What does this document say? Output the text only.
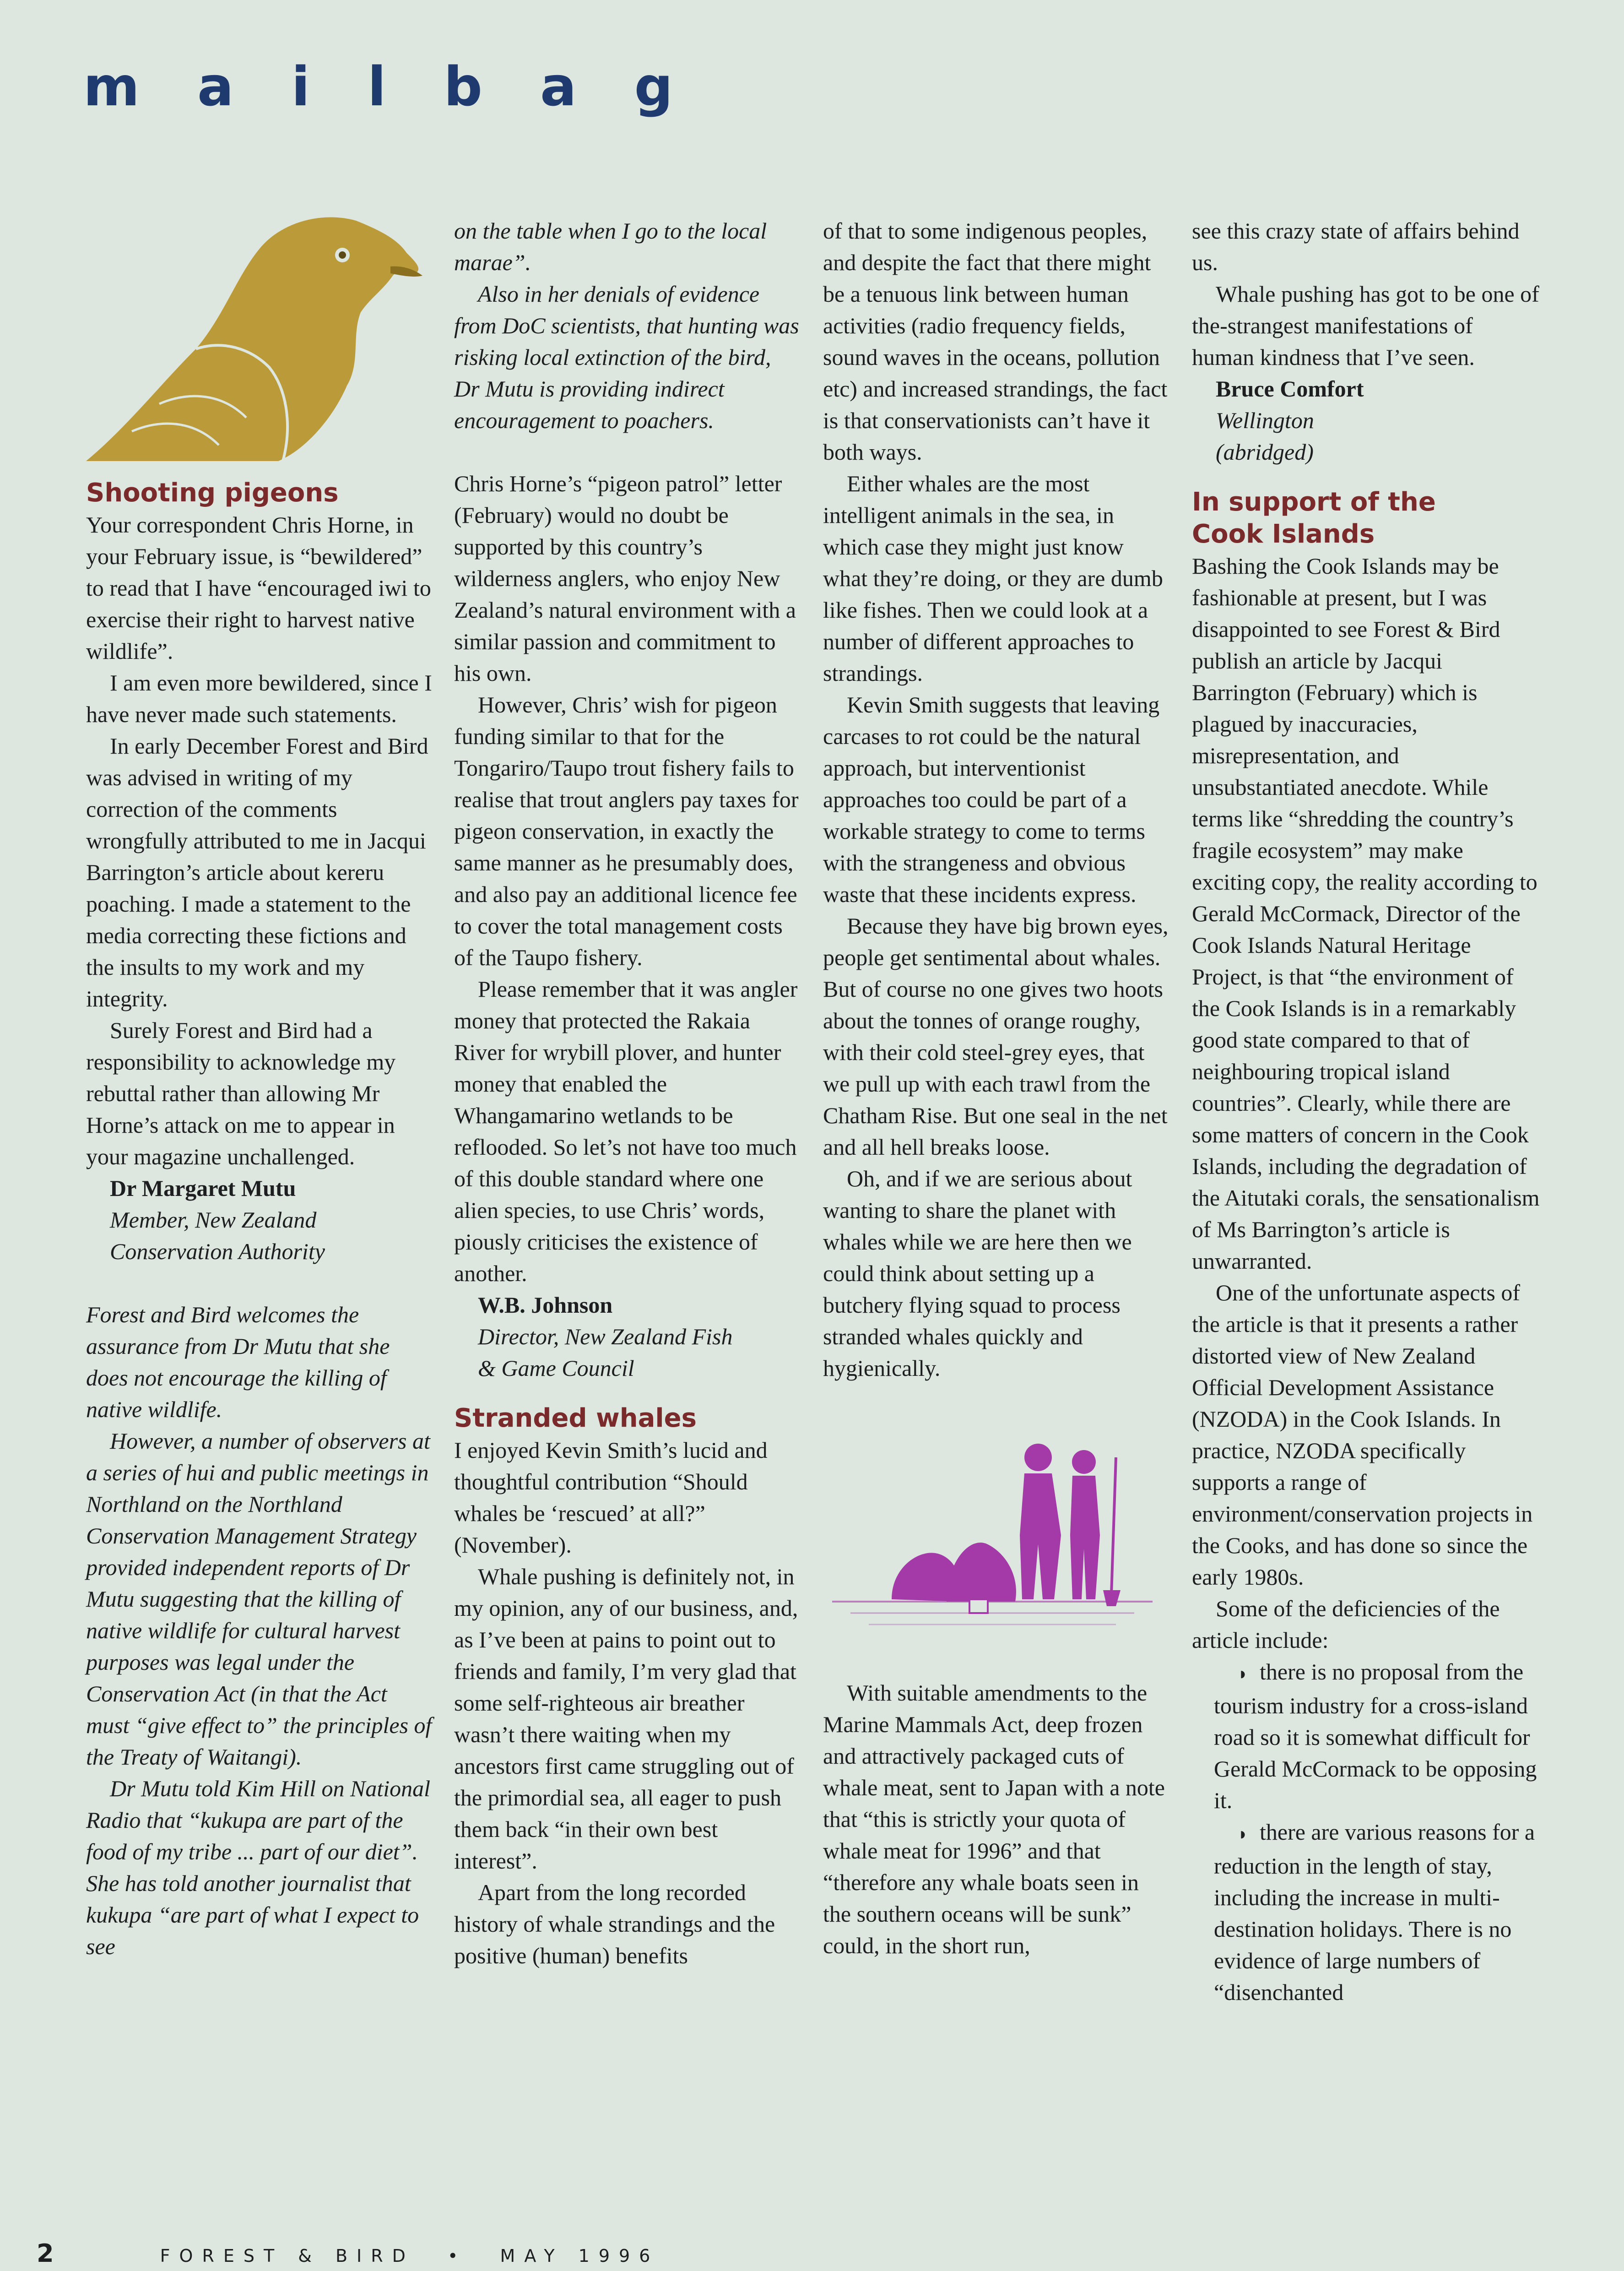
mailbag
Shooting pigeons

Your correspondent Chris Horne, in your February issue, is “bewildered” to read that I have “encouraged iwi to exercise their right to harvest native wildlife”.

I am even more bewildered, since I have never made such statements.

In early December Forest and Bird was advised in writing of my correction of the comments wrongfully attributed to me in Jacqui Barrington’s article about kereru poaching. I made a statement to the media correcting these fictions and the insults to my work and my integrity.

Surely Forest and Bird had a responsibility to acknowledge my rebuttal rather than allowing Mr Horne’s attack on me to appear in your magazine unchallenged.

Dr Margaret Mutu
Member, New Zealand
Conservation Authority

Forest and Bird welcomes the assurance from Dr Mutu that she does not encourage the killing of native wildlife.

However, a number of observers at a series of hui and public meetings in Northland on the Northland Conservation Management Strategy provided independent reports of Dr Mutu suggesting that the killing of native wildlife for cultural harvest purposes was legal under the Conservation Act (in that the Act must “give effect to” the principles of the Treaty of Waitangi).

Dr Mutu told Kim Hill on National Radio that “kukupa are part of the food of my tribe ... part of our diet”. She has told another journalist that kukupa “are part of what I expect to see

on the table when I go to the local marae”.

Also in her denials of evidence from DoC scientists, that hunting was risking local extinction of the bird, Dr Mutu is providing indirect encouragement to poachers.

Chris Horne’s “pigeon patrol” letter (February) would no doubt be supported by this country’s wilderness anglers, who enjoy New Zealand’s natural environment with a similar passion and commitment to his own.

However, Chris’ wish for pigeon funding similar to that for the Tongariro/Taupo trout fishery fails to realise that trout anglers pay taxes for pigeon conservation, in exactly the same manner as he presumably does, and also pay an additional licence fee to cover the total management costs of the Taupo fishery.

Please remember that it was angler money that protected the Rakaia River for wrybill plover, and hunter money that enabled the Whangamarino wetlands to be reflooded. So let’s not have too much of this double standard where one alien species, to use Chris’ words, piously criticises the existence of another.

W.B. Johnson
Director, New Zealand Fish
& Game Council
Stranded whales

I enjoyed Kevin Smith’s lucid and thoughtful contribution “Should whales be ‘rescued’ at all?” (November).

Whale pushing is definitely not, in my opinion, any of our business, and, as I’ve been at pains to point out to friends and family, I’m very glad that some self-righteous air breather wasn’t there waiting when my ancestors first came struggling out of the primordial sea, all eager to push them back “in their own best interest”.

Apart from the long recorded history of whale strandings and the positive (human) benefits

of that to some indigenous peoples, and despite the fact that there might be a tenuous link between human activities (radio frequency fields, sound waves in the oceans, pollution etc) and increased strandings, the fact is that conservationists can’t have it both ways.

Either whales are the most intelligent animals in the sea, in which case they might just know what they’re doing, or they are dumb like fishes. Then we could look at a number of different approaches to strandings.

Kevin Smith suggests that leaving carcases to rot could be the natural approach, but interventionist approaches too could be part of a workable strategy to come to terms with the strangeness and obvious waste that these incidents express.

Because they have big brown eyes, people get sentimental about whales. But of course no one gives two hoots about the tonnes of orange roughy, with their cold steel-grey eyes, that we pull up with each trawl from the Chatham Rise. But one seal in the net and all hell breaks loose.

Oh, and if we are serious about wanting to share the planet with whales while we are here then we could think about setting up a butchery flying squad to process stranded whales quickly and hygienically.

With suitable amendments to the Marine Mammals Act, deep frozen and attractively packaged cuts of whale meat, sent to Japan with a note that “this is strictly your quota of whale meat for 1996” and that “therefore any whale boats seen in the southern oceans will be sunk” could, in the short run,

see this crazy state of affairs behind us.

Whale pushing has got to be one of the-strangest manifestations of human kindness that I’ve seen.

Bruce Comfort
Wellington
(abridged)
In support of the
Cook Islands

Bashing the Cook Islands may be fashionable at present, but I was disappointed to see Forest & Bird publish an article by Jacqui Barrington (February) which is plagued by inaccuracies, misrepresentation, and unsubstantiated anecdote. While terms like “shredding the country’s fragile ecosystem” may make exciting copy, the reality according to Gerald McCormack, Director of the Cook Islands Natural Heritage Project, is that “the environment of the Cook Islands is in a remarkably good state compared to that of neighbouring tropical island countries”. Clearly, while there are some matters of concern in the Cook Islands, including the degradation of the Aitutaki corals, the sensationalism of Ms Barrington’s article is unwarranted.

One of the unfortunate aspects of the article is that it presents a rather distorted view of New Zealand Official Development Assistance (NZODA) in the Cook Islands. In practice, NZODA specifically supports a range of environment/conservation projects in the Cooks, and has done so since the early 1980s.

Some of the deficiencies of the article include:

◗ there is no proposal from the tourism industry for a cross-island road so it is somewhat difficult for Gerald McCormack to be opposing it.

◗ there are various reasons for a reduction in the length of stay, including the increase in multi-destination holidays. There is no evidence of large numbers of “disenchanted

2	FOREST & BIRD • MAY 1996
